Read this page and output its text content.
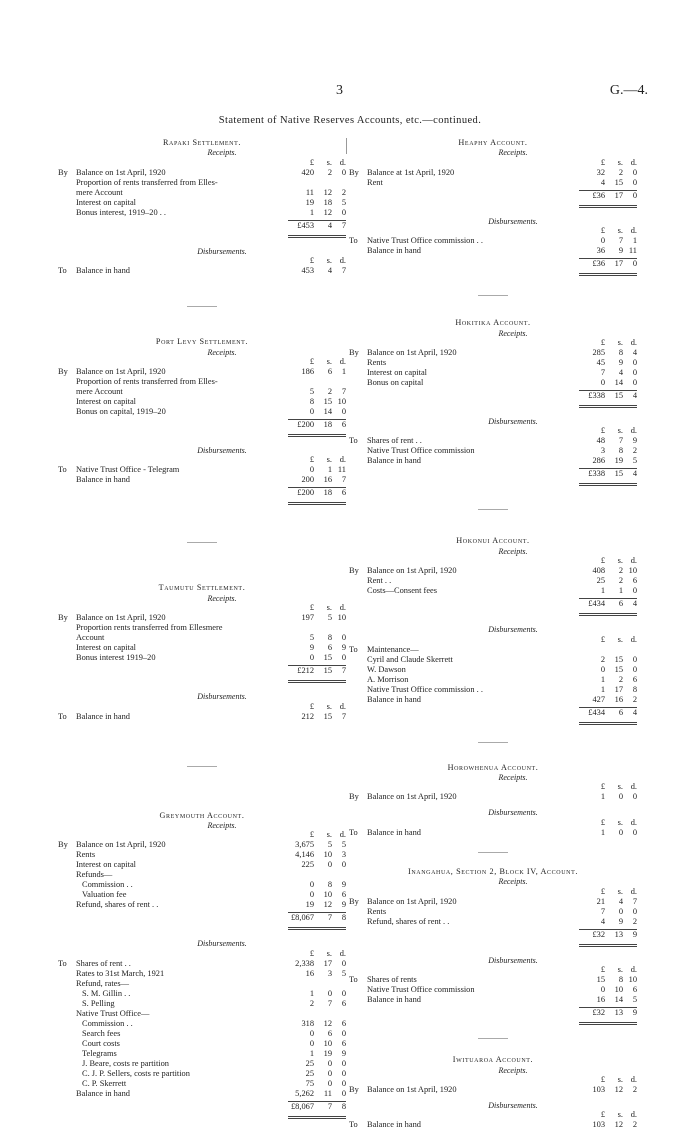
3	G.—4.
Statement of Native Reserves Accounts, etc.—continued.
Rapaki Settlement.
Receipts.
£	s. d.
By Balance on 1st April, 1920	420	2	0
Proportion of rents transferred from Elles-
mere Account	11	12	2
Interest on capital	19	18	5
Bonus interest, 1919–20 . .	1	12	0
£453	4	7
Disbursements.
£	s. d.
To Balance in hand	453	4	7
Port Levy Settlement.
Receipts.
£	s. d.
By Balance on 1st April, 1920	186	6	1
Proportion of rents transferred from Elles-
mere Account	5	2	7
Interest on capital	8	15 10
Bonus on capital, 1919–20	0	14	0
£200	18	6
Disbursements.
£	s. d.
To Native Trust Office - Telegram	0	1 11
Balance in hand	200	16	7
£200	18	6
Taumutu Settlement.
Receipts.
£	s. d.
By Balance on 1st April, 1920	197	5 10
Proportion rents transferred from Ellesmere
Account	5	8	0
Interest on capital	9	6	9
Bonus interest 1919–20	0	15	0
£212	15	7
Disbursements.
£	s. d.
To Balance in hand	212	15	7
Greymouth Account.
Receipts.
£	s. d.
By Balance on 1st April, 1920	3,675	5	5
Rents	4,146	10	3
Interest on capital	225	0	0
Refunds—
Commission . .	0	8	9
Valuation fee	0	10	6
Refund, shares of rent . .	19	12	9
£8,067	7	8
Disbursements.
£	s. d.
To Shares of rent . .	2,338	17	0
Rates to 31st March, 1921	16	3	5
Refund, rates—
S. M. Gillin . .	1	0	0
S. Pelling	2	7	6
Native Trust Office—
Commission . .	318	12	6
Search fees	0	6	0
Court costs	0	10	6
Telegrams	1	19	9
J. Beare, costs re partition	25	0	0
C. J. P. Sellers, costs re partition	25	0	0
C. P. Skerrett	75	0	0
Balance in hand	5,262	11	0
£8,067	7	8
Heaphy Account.
Receipts.
£	s. d.
By Balance at 1st April, 1920	32	2	0
Rent	4	15	0
£36	17	0
Disbursements.
£	s. d.
To Native Trust Office commission . .	0	7	1
Balance in hand	36	9 11
£36	17	0
Hokitika Account.
Receipts.
£	s. d.
By Balance on 1st April, 1920	285	8	4
Rents	45	9	0
Interest on capital	7	4	0
Bonus on capital	0	14	0
£338	15	4
Disbursements.
£	s. d.
To Shares of rent . .	48	7	9
Native Trust Office commission	3	8	2
Balance in hand	286	19	5
£338	15	4
Hokonui Account.
Receipts.
£	s. d.
By Balance on 1st April, 1920	408	2 10
Rent . .	25	2	6
Costs—Consent fees	1	1	0
£434	6	4
Disbursements.
£	s. d.
To Maintenance—
Cyril and Claude Skerrett	2	15	0
W. Dawson	0	15	0
A. Morrison	1	2	6
Native Trust Office commission . .	1	17	8
Balance in hand	427	16	2
£434	6	4
Horowhenua Account.
Receipts.
£	s. d.
By Balance on 1st April, 1920	1	0	0
Disbursements.
£	s. d.
To Balance in hand	1	0	0
Inangahua, Section 2, Block IV, Account.
Receipts.
£	s. d.
By Balance on 1st April, 1920	21	4	7
Rents	7	0	0
Refund, shares of rent . .	4	9	2
£32	13	9
Disbursements.
£	s. d.
To Shares of rents	15	8 10
Native Trust Office commission	0	10	6
Balance in hand	16	14	5
£32	13	9
Iwituaroa Account.
Receipts.
£	s. d.
By Balance on 1st April, 1920	103	12	2
Disbursements.
£	s. d.
To Balance in hand	103	12	2
